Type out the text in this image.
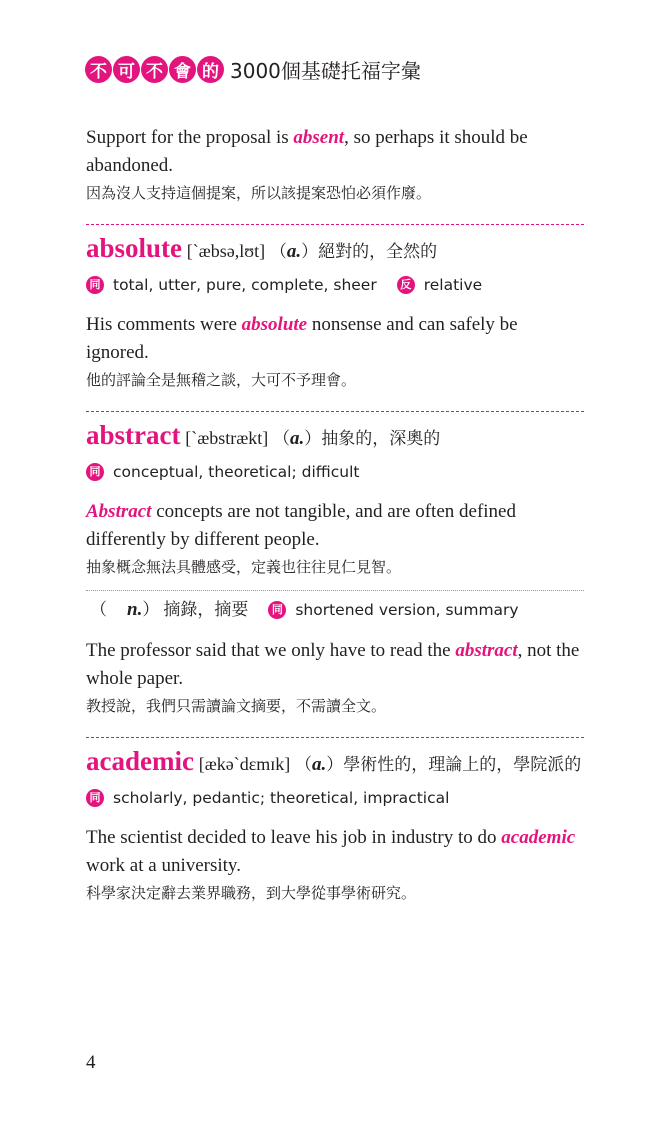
不 可 不 會 的 3000個基礎托福字彙

Support for the proposal is absent, so perhaps it should be abandoned.

因為沒人支持這個提案，所以該提案恐怕必須作廢。

absolute [`æbsə,lʊt] （a.）絕對的，全然的
同 total, utter, pure, complete, sheer	反 relative

His comments were absolute nonsense and can safely be ignored.

他的評論全是無稽之談，大可不予理會。

abstract [`æbstrækt] （a.）抽象的，深奧的
同 conceptual, theoretical; difficult

Abstract concepts are not tangible, and are often defined differently by different people.

抽象概念無法具體感受，定義也往往見仁見智。

（ n. ） 摘錄，摘要	同 shortened version, summary

The professor said that we only have to read the abstract, not the whole paper.

教授說，我們只需讀論文摘要，不需讀全文。

academic [ækə`dɛmɪk] （a.）學術性的，理論上的，學院派的
同 scholarly, pedantic; theoretical, impractical

The scientist decided to leave his job in industry to do academic work at a university.

科學家決定辭去業界職務，到大學從事學術研究。

4
